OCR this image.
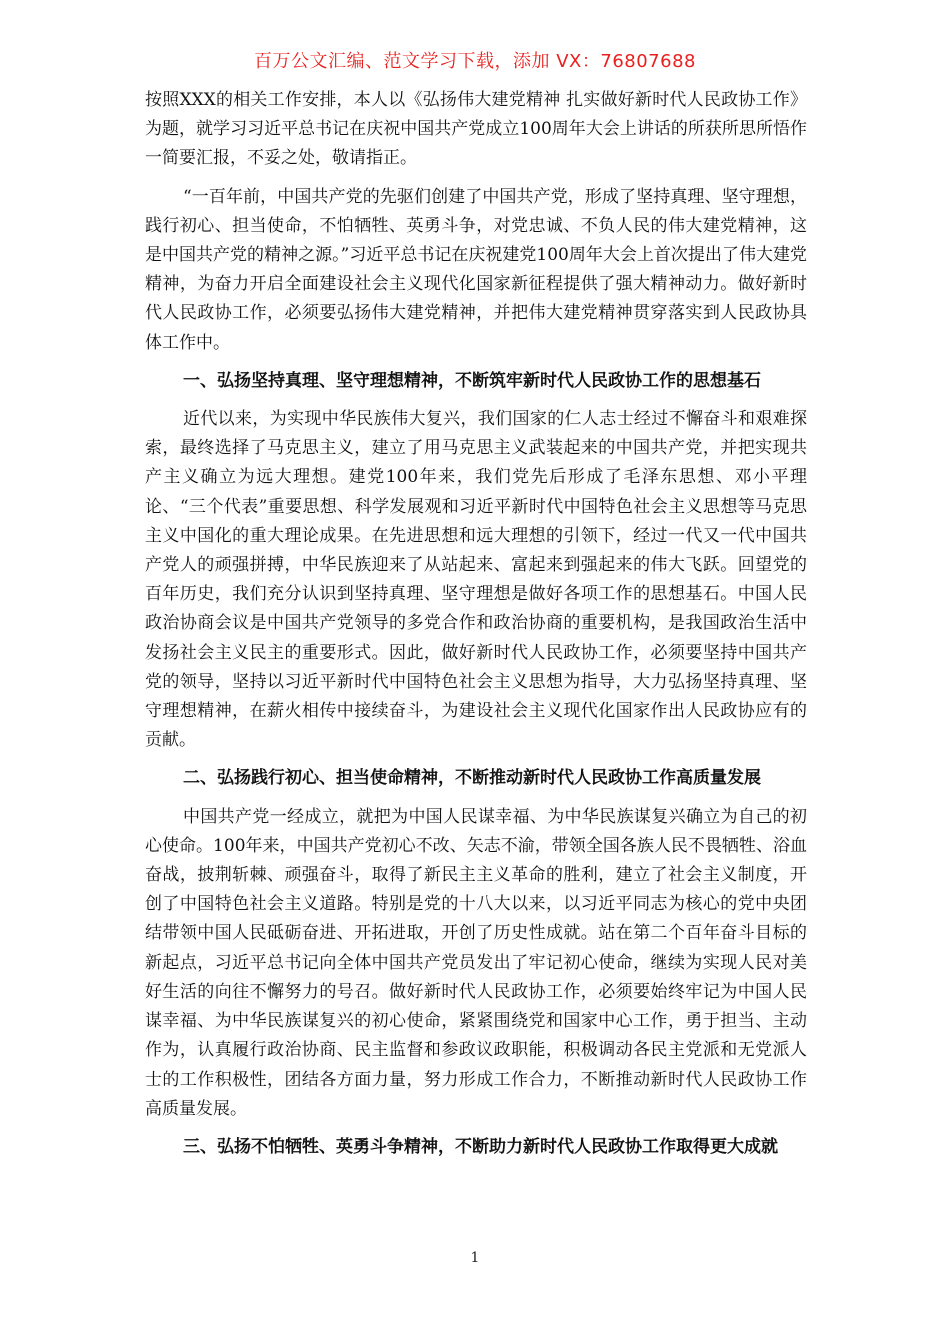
百万公文汇编、范文学习下载，添加 VX：76807688

按照XXX的相关工作安排，本人以《弘扬伟大建党精神 扎实做好新时代人民政协工作》为题，就学习习近平总书记在庆祝中国共产党成立100周年大会上讲话的所获所思所悟作一简要汇报，不妥之处，敬请指正。

“一百年前，中国共产党的先驱们创建了中国共产党，形成了坚持真理、坚守理想，践行初心、担当使命，不怕牺牲、英勇斗争，对党忠诚、不负人民的伟大建党精神，这是中国共产党的精神之源。”习近平总书记在庆祝建党100周年大会上首次提出了伟大建党精神，为奋力开启全面建设社会主义现代化国家新征程提供了强大精神动力。做好新时代人民政协工作，必须要弘扬伟大建党精神，并把伟大建党精神贯穿落实到人民政协具体工作中。

一、弘扬坚持真理、坚守理想精神，不断筑牢新时代人民政协工作的思想基石

近代以来，为实现中华民族伟大复兴，我们国家的仁人志士经过不懈奋斗和艰难探索，最终选择了马克思主义，建立了用马克思主义武装起来的中国共产党，并把实现共产主义确立为远大理想。建党100年来，我们党先后形成了毛泽东思想、邓小平理论、“三个代表”重要思想、科学发展观和习近平新时代中国特色社会主义思想等马克思主义中国化的重大理论成果。在先进思想和远大理想的引领下，经过一代又一代中国共产党人的顽强拼搏，中华民族迎来了从站起来、富起来到强起来的伟大飞跃。回望党的百年历史，我们充分认识到坚持真理、坚守理想是做好各项工作的思想基石。中国人民政治协商会议是中国共产党领导的多党合作和政治协商的重要机构，是我国政治生活中发扬社会主义民主的重要形式。因此，做好新时代人民政协工作，必须要坚持中国共产党的领导，坚持以习近平新时代中国特色社会主义思想为指导，大力弘扬坚持真理、坚守理想精神，在薪火相传中接续奋斗，为建设社会主义现代化国家作出人民政协应有的贡献。

二、弘扬践行初心、担当使命精神，不断推动新时代人民政协工作高质量发展

中国共产党一经成立，就把为中国人民谋幸福、为中华民族谋复兴确立为自己的初心使命。100年来，中国共产党初心不改、矢志不渝，带领全国各族人民不畏牺牲、浴血奋战，披荆斩棘、顽强奋斗，取得了新民主主义革命的胜利，建立了社会主义制度，开创了中国特色社会主义道路。特别是党的十八大以来，以习近平同志为核心的党中央团结带领中国人民砥砺奋进、开拓进取，开创了历史性成就。站在第二个百年奋斗目标的新起点，习近平总书记向全体中国共产党员发出了牢记初心使命，继续为实现人民对美好生活的向往不懈努力的号召。做好新时代人民政协工作，必须要始终牢记为中国人民谋幸福、为中华民族谋复兴的初心使命，紧紧围绕党和国家中心工作，勇于担当、主动作为，认真履行政治协商、民主监督和参政议政职能，积极调动各民主党派和无党派人士的工作积极性，团结各方面力量，努力形成工作合力，不断推动新时代人民政协工作高质量发展。

三、弘扬不怕牺牲、英勇斗争精神，不断助力新时代人民政协工作取得更大成就

1
